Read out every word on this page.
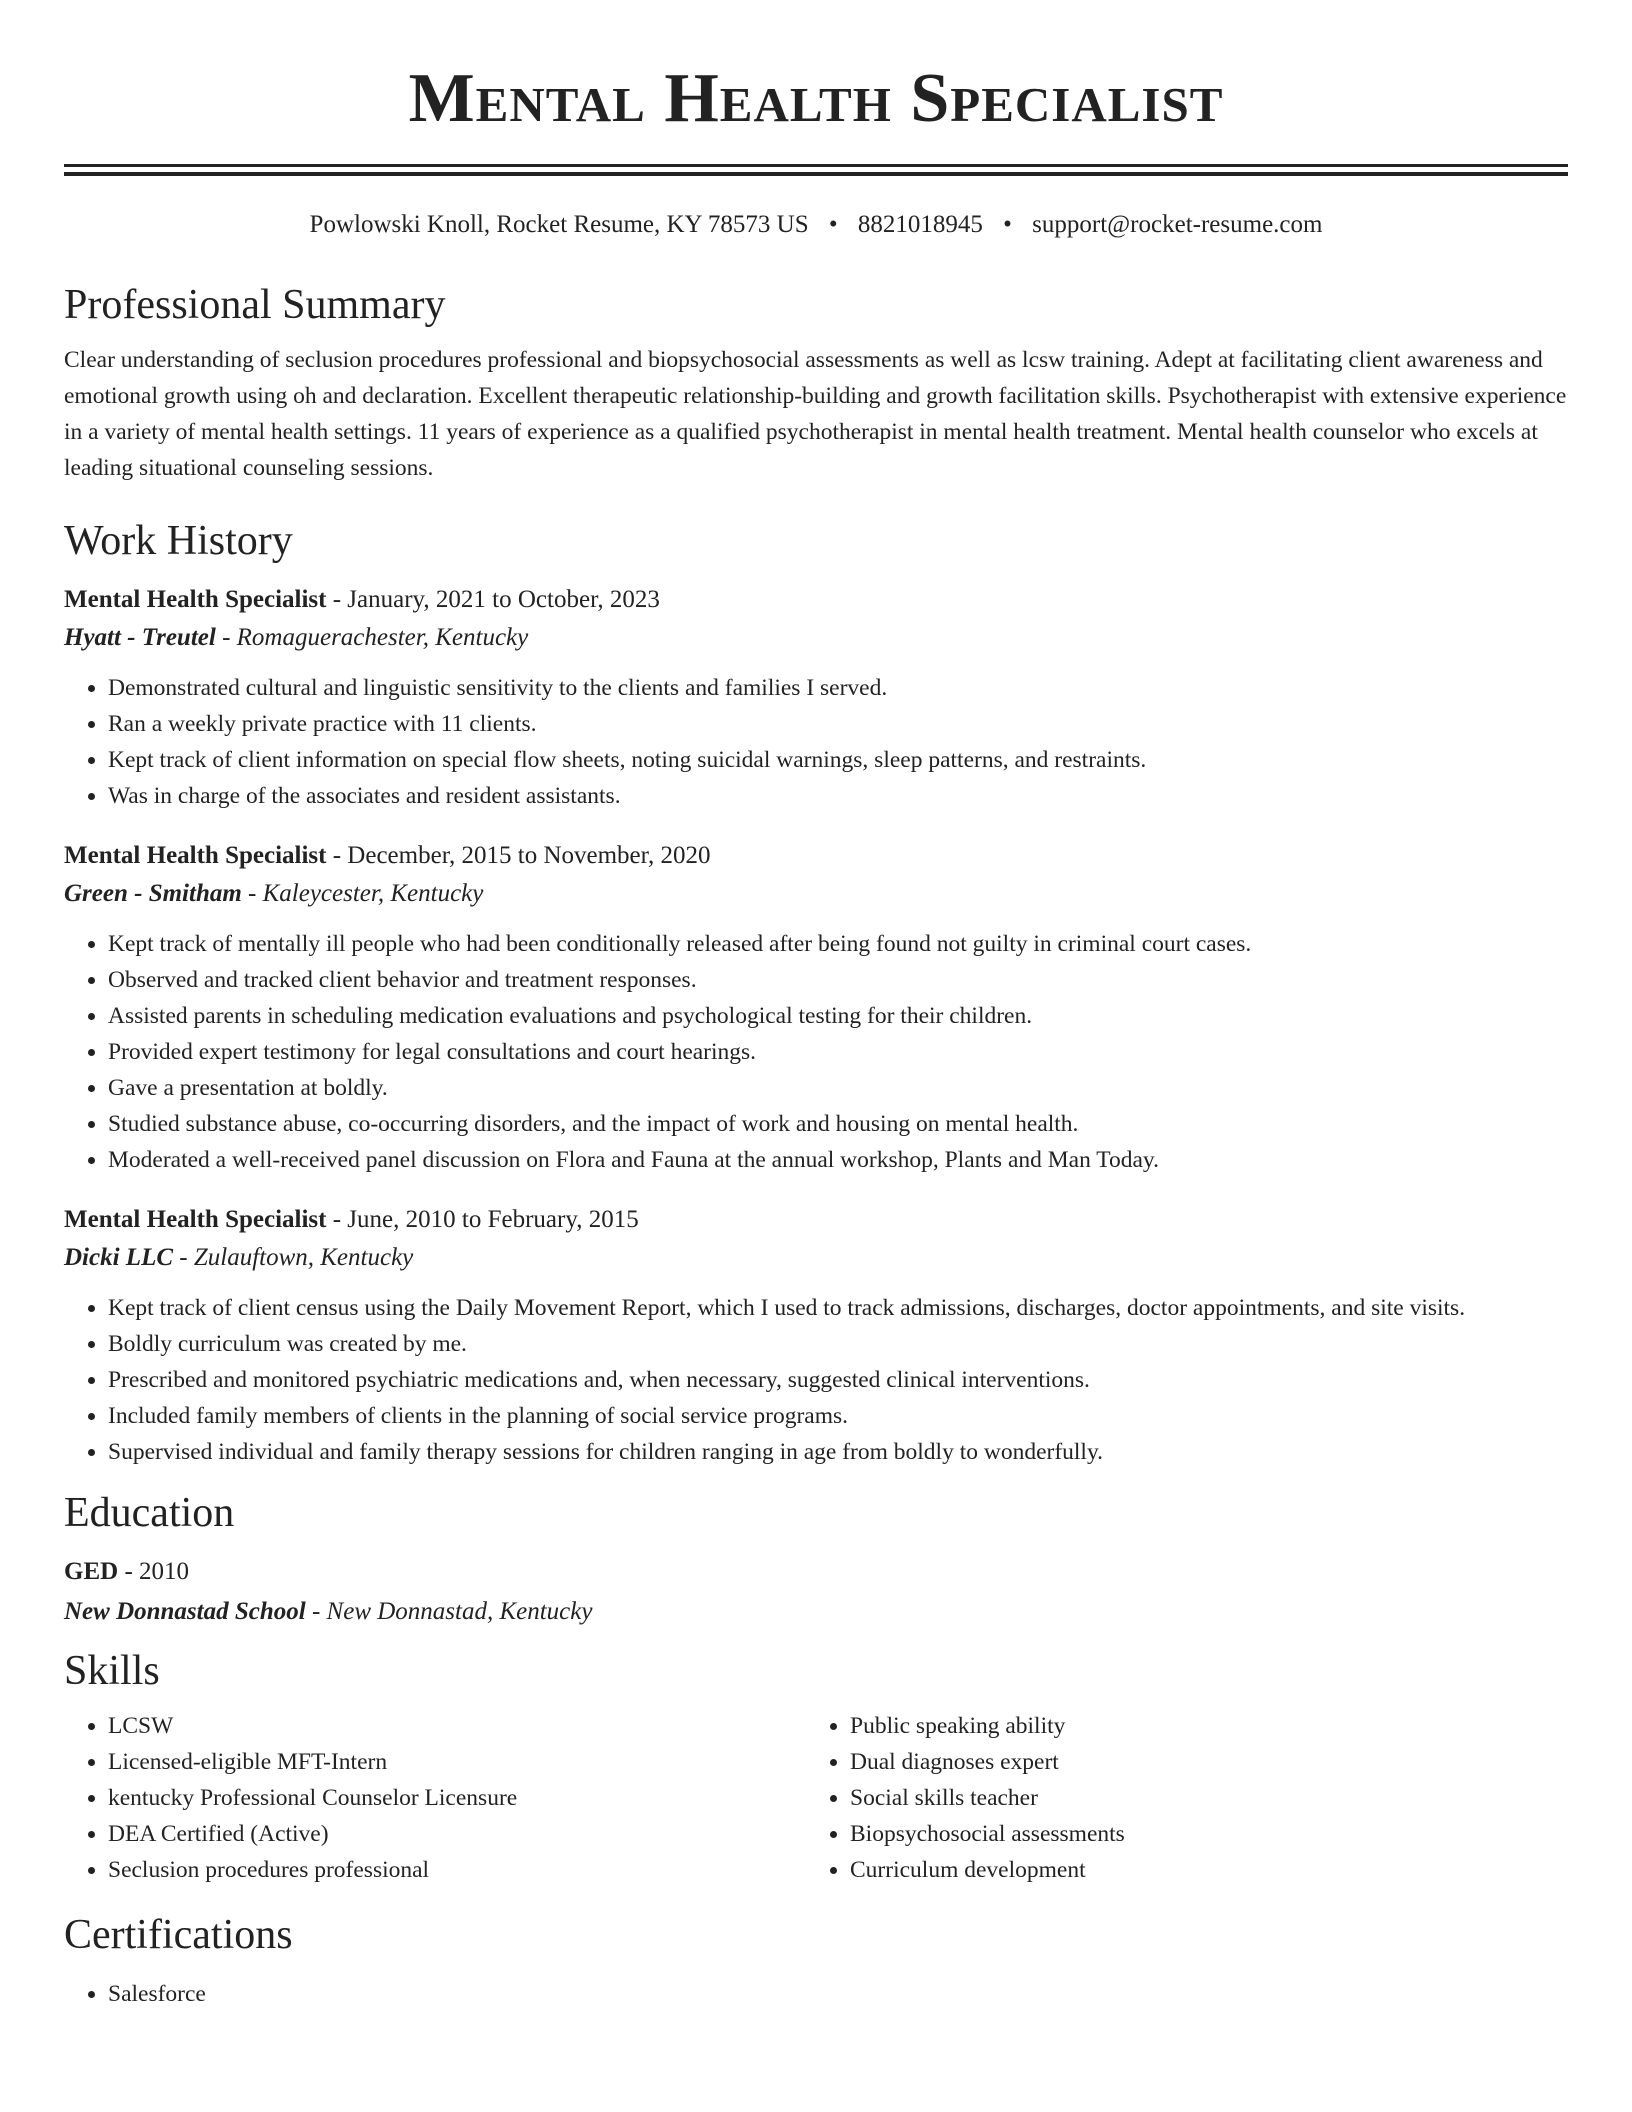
Mental Health Specialist
Powlowski Knoll, Rocket Resume, KY 78573 US • 8821018945 • support@rocket-resume.com
Professional Summary
Clear understanding of seclusion procedures professional and biopsychosocial assessments as well as lcsw training. Adept at facilitating client awareness and emotional growth using oh and declaration. Excellent therapeutic relationship-building and growth facilitation skills. Psychotherapist with extensive experience in a variety of mental health settings. 11 years of experience as a qualified psychotherapist in mental health treatment. Mental health counselor who excels at leading situational counseling sessions.
Work History
Mental Health Specialist - January, 2021 to October, 2023
Hyatt - Treutel - Romaguerachester, Kentucky
• Demonstrated cultural and linguistic sensitivity to the clients and families I served.
• Ran a weekly private practice with 11 clients.
• Kept track of client information on special flow sheets, noting suicidal warnings, sleep patterns, and restraints.
• Was in charge of the associates and resident assistants.
Mental Health Specialist - December, 2015 to November, 2020
Green - Smitham - Kaleycester, Kentucky
• Kept track of mentally ill people who had been conditionally released after being found not guilty in criminal court cases.
• Observed and tracked client behavior and treatment responses.
• Assisted parents in scheduling medication evaluations and psychological testing for their children.
• Provided expert testimony for legal consultations and court hearings.
• Gave a presentation at boldly.
• Studied substance abuse, co-occurring disorders, and the impact of work and housing on mental health.
• Moderated a well-received panel discussion on Flora and Fauna at the annual workshop, Plants and Man Today.
Mental Health Specialist - June, 2010 to February, 2015
Dicki LLC - Zulauftown, Kentucky
• Kept track of client census using the Daily Movement Report, which I used to track admissions, discharges, doctor appointments, and site visits.
• Boldly curriculum was created by me.
• Prescribed and monitored psychiatric medications and, when necessary, suggested clinical interventions.
• Included family members of clients in the planning of social service programs.
• Supervised individual and family therapy sessions for children ranging in age from boldly to wonderfully.
Education
GED - 2010
New Donnastad School - New Donnastad, Kentucky
Skills
• LCSW
• Licensed-eligible MFT-Intern
• kentucky Professional Counselor Licensure
• DEA Certified (Active)
• Seclusion procedures professional
• Public speaking ability
• Dual diagnoses expert
• Social skills teacher
• Biopsychosocial assessments
• Curriculum development
Certifications
• Salesforce
